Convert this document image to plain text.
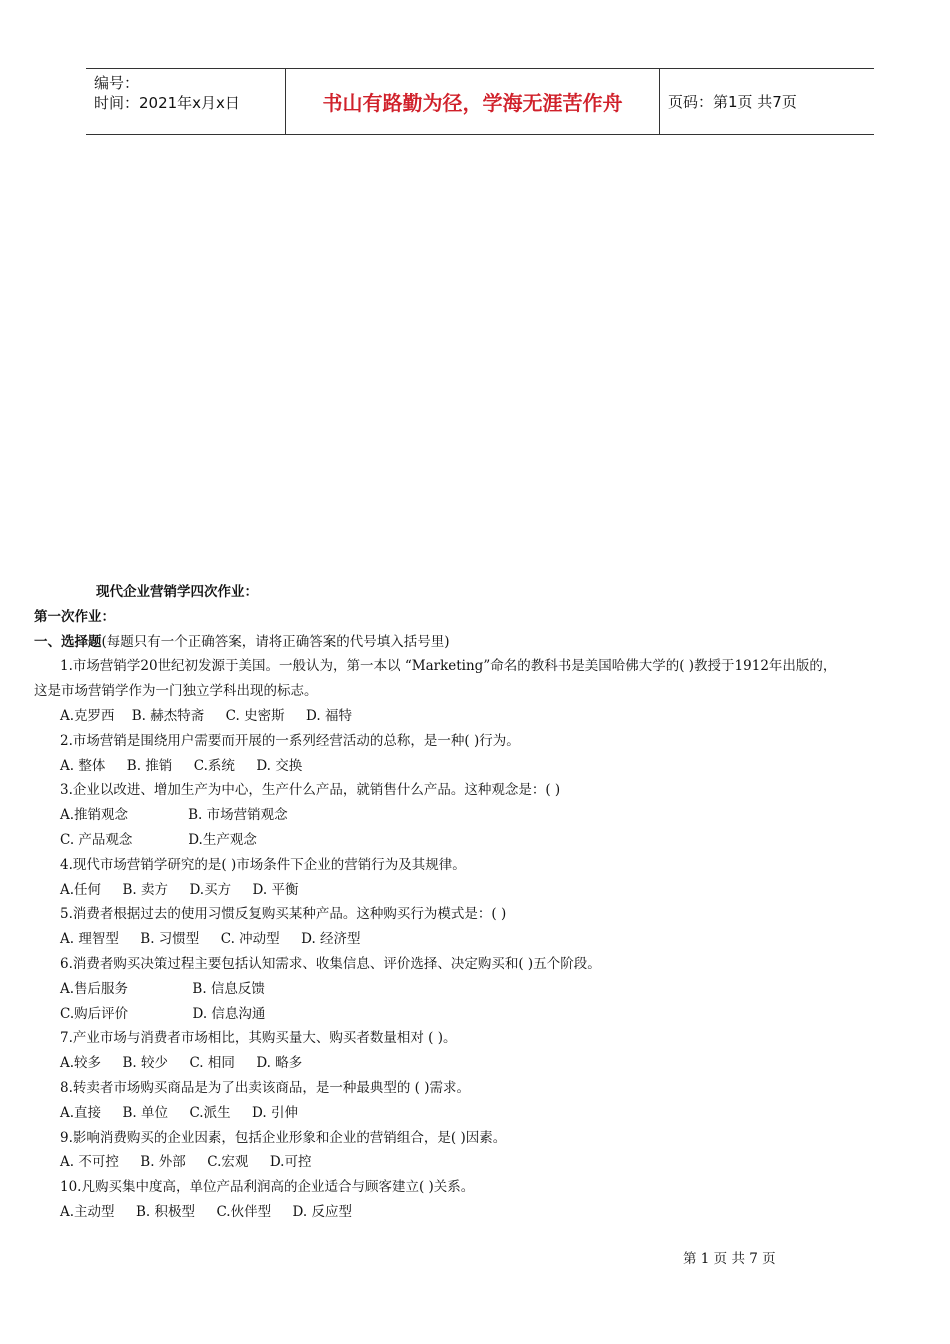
编号：
时间：2021年x月x日	书山有路勤为径，学海无涯苦作舟	页码：第1页 共7页
现代企业营销学四次作业：
第一次作业：
一、选择题(每题只有一个正确答案，请将正确答案的代号填入括号里)
1.市场营销学20世纪初发源于美国。一般认为，第一本以 “Marketing”命名的教科书是美国哈佛大学的( )教授于1912年出版的，
这是市场营销学作为一门独立学科出现的标志。
A.克罗西    B. 赫杰特斋     C. 史密斯     D. 福特
2.市场营销是围绕用户需要而开展的一系列经营活动的总称，是一种( )行为。
A. 整体     B. 推销     C.系统     D. 交换
3.企业以改进、增加生产为中心，生产什么产品，就销售什么产品。这种观念是：( )
A.推销观念              B. 市场营销观念
C. 产品观念             D.生产观念
4.现代市场营销学研究的是( )市场条件下企业的营销行为及其规律。
A.任何     B. 卖方     D.买方     D. 平衡
5.消费者根据过去的使用习惯反复购买某种产品。这种购买行为模式是：( )
A. 理智型     B. 习惯型     C. 冲动型     D. 经济型
6.消费者购买决策过程主要包括认知需求、收集信息、评价选择、决定购买和( )五个阶段。
A.售后服务               B. 信息反馈
C.购后评价               D. 信息沟通
7.产业市场与消费者市场相比，其购买量大、购买者数量相对 ( )。
A.较多     B. 较少     C. 相同     D. 略多
8.转卖者市场购买商品是为了出卖该商品，是一种最典型的 ( )需求。
A.直接     B. 单位     C.派生     D. 引伸
9.影响消费购买的企业因素，包括企业形象和企业的营销组合，是( )因素。
A. 不可控     B. 外部     C.宏观     D.可控
10.凡购买集中度高，单位产品利润高的企业适合与顾客建立( )关系。
A.主动型     B. 积极型     C.伙伴型     D. 反应型
第 1 页 共 7 页
